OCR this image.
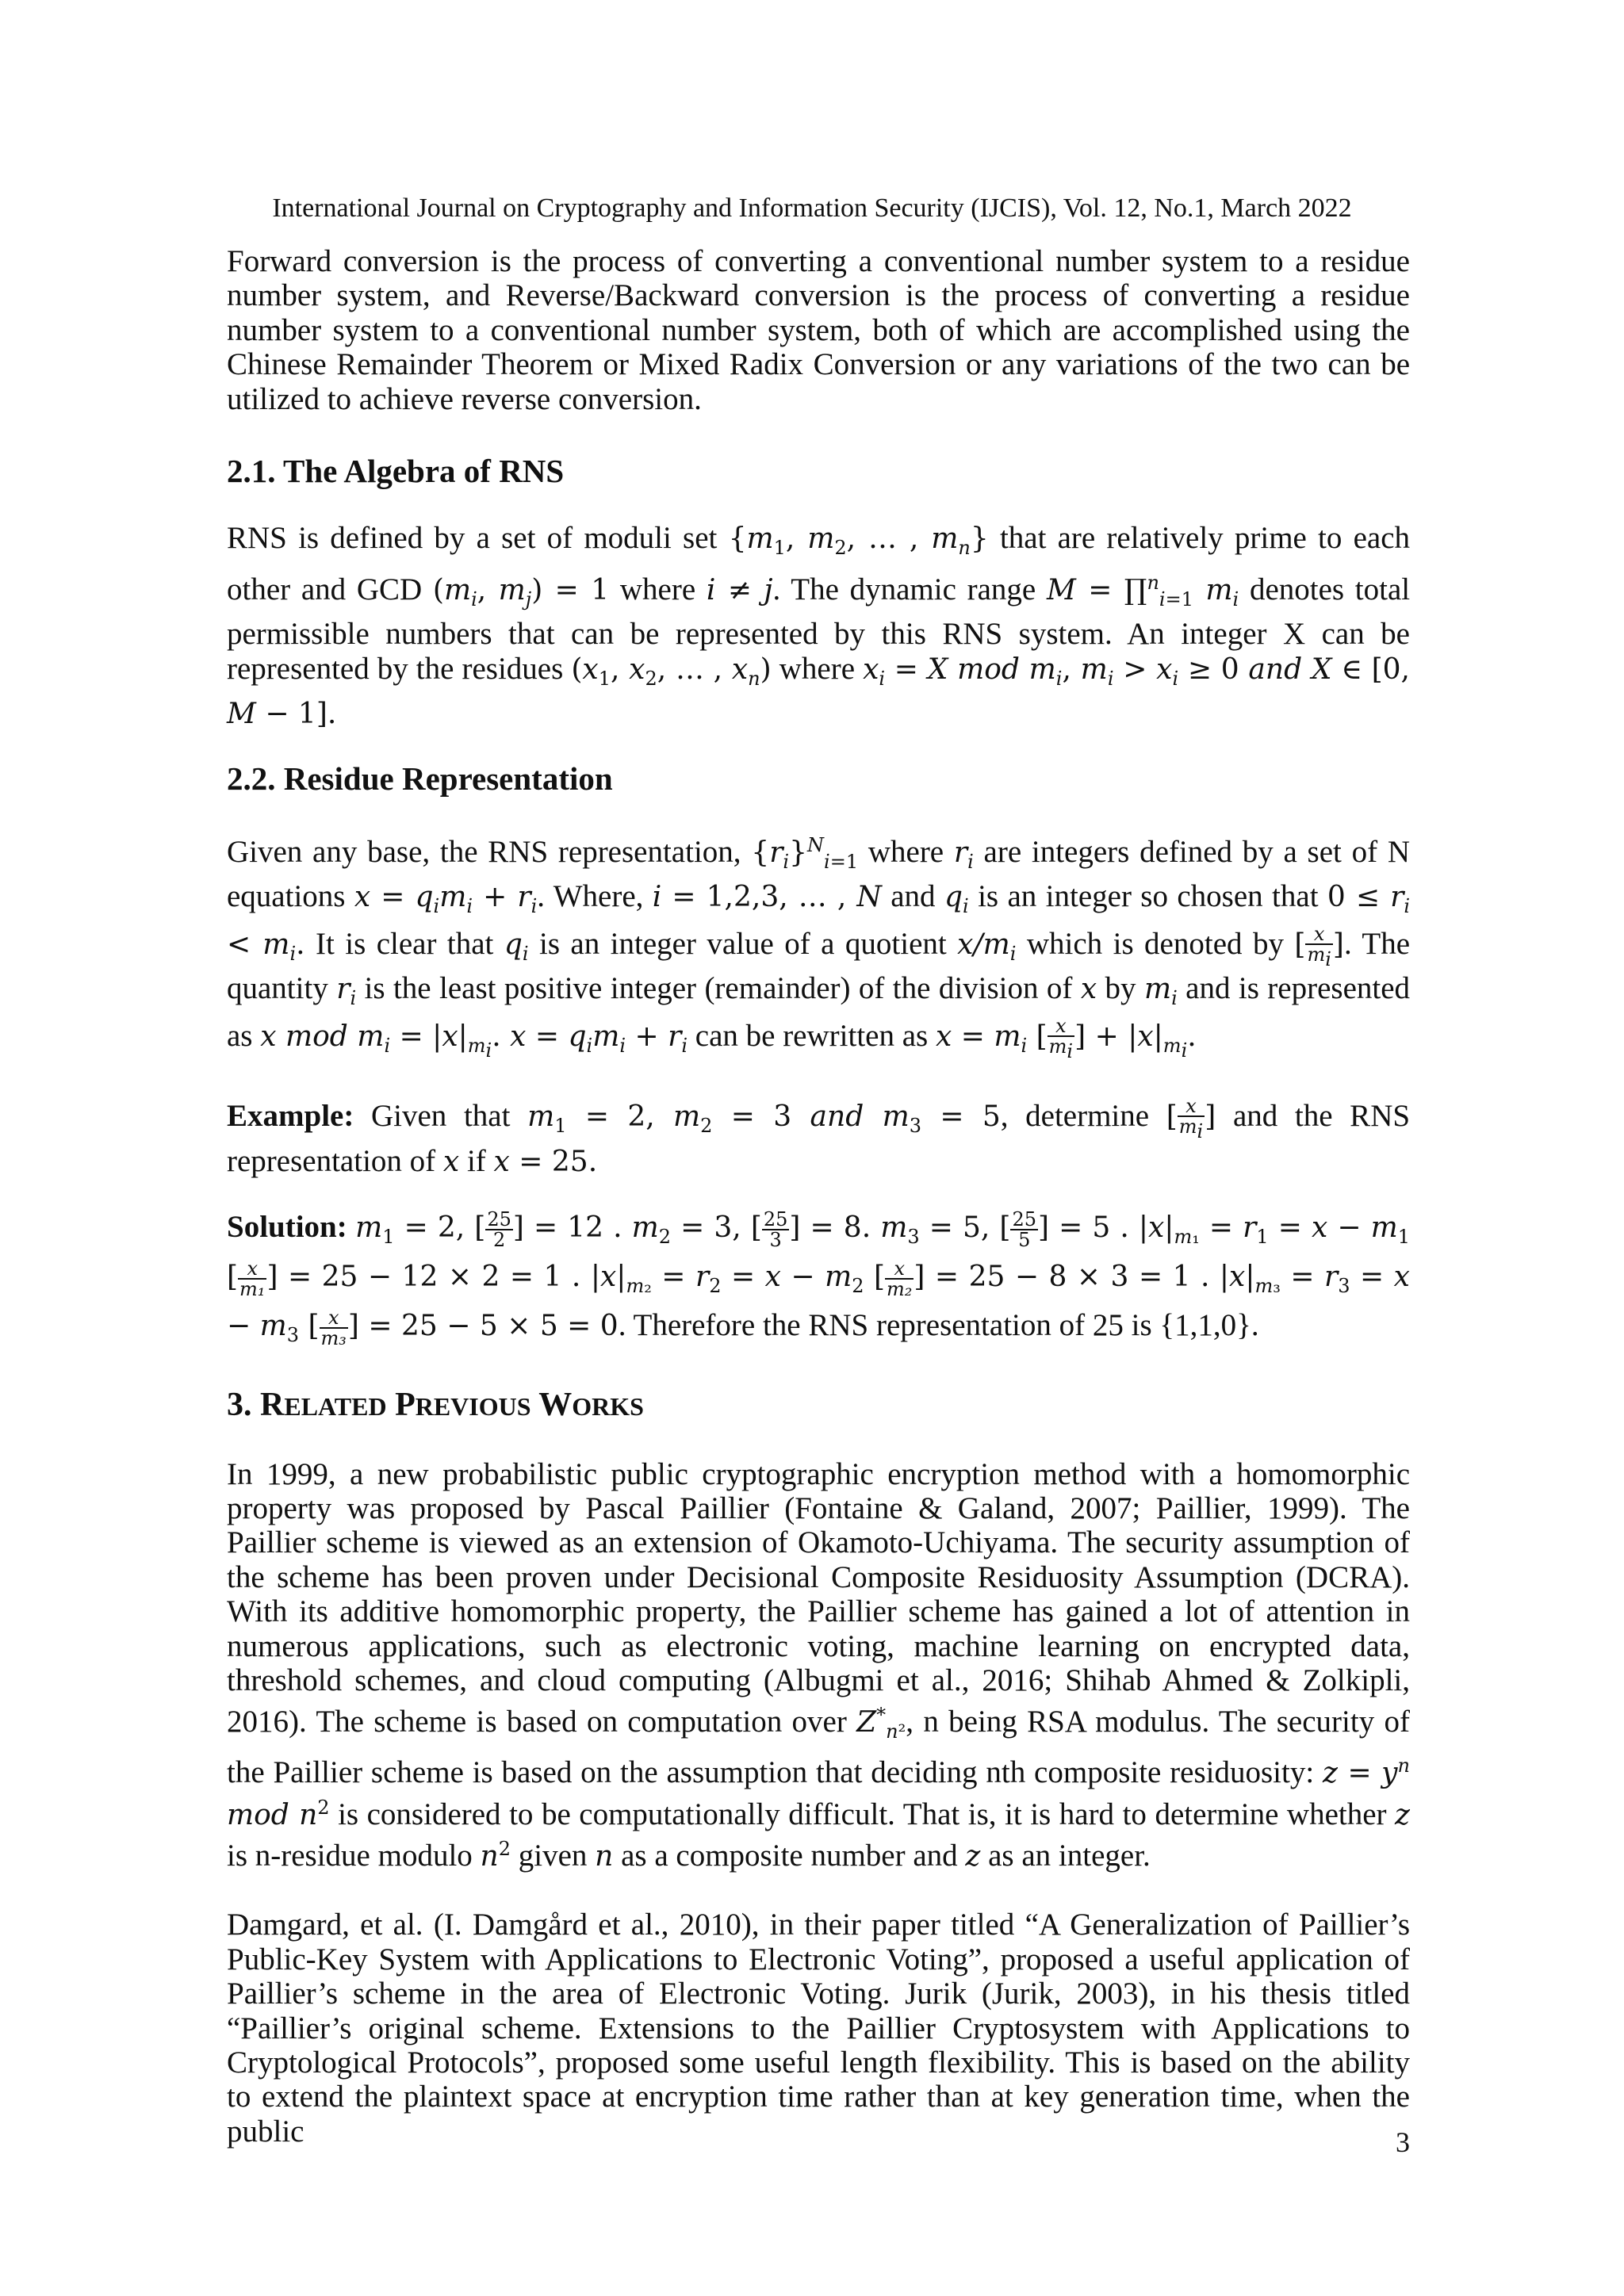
International Journal on Cryptography and Information Security (IJCIS), Vol. 12, No.1, March 2022

Forward conversion is the process of converting a conventional number system to a residue number system, and Reverse/Backward conversion is the process of converting a residue number system to a conventional number system, both of which are accomplished using the Chinese Remainder Theorem or Mixed Radix Conversion or any variations of the two can be utilized to achieve reverse conversion.

2.1. The Algebra of RNS

RNS is defined by a set of moduli set {$m_1$, $m_2$, … , $m_n$} that are relatively prime to each other and GCD ($m_i$, $m_j) = 1$ where i ≠ j. The dynamic range M = ∏$^n_{i=1}$ $m_i$ denotes total permissible numbers that can be represented by this RNS system. An integer X can be represented by the residues ($x_1$, $x_2$, … , $x_n$) where $x_i = X$ mod $m_i$, $m_i > x_i \ge 0$ and X ∈ [0, M − 1].

2.2. Residue Representation

Given any base, the RNS representation, $\{r_i\}^N_{i=1}$ where $r_i$ are integers defined by a set of N equations $x = q_im_i + r_i$. Where, i = 1,2,3, … , N and $q_i$ is an integer so chosen that $0 \le r_i < m_i$. It is clear that $q_i$ is an integer value of a quotient $x/m_i$ which is denoted by [ $\frac{x}{m_i}$ ]. The quantity $r_i$ is the least positive integer (remainder) of the division of x by $m_i$ and is represented as x mod $m_i = |x|_{m_i}$. $x = q_im_i + r_i$ can be rewritten as $x = m_i$ [ $\frac{x}{m_i}$ ] + $|x|_{m_i}$.

Example: Given that $m_1 = 2$, $m_2 = 3$ and $m_3 = 5$, determine [ $\frac{x}{m_i}$ ] and the RNS representation of x if x = 25.

Solution: $m_1 = 2$, [ $\frac{25}{2}$ ] = 12 . $m_2 = 3$, [ $\frac{25}{3}$ ] = 8. $m_3 = 5$, [ $\frac{25}{5}$ ] = 5 . $|x|_{m_1} = r_1 = x - m_1$ [ $\frac{x}{\text{m₁}}$ ] = 25 − 12 × 2 = 1 . $|x|_{m_2} = r_2 = x - m_2$ [ $\frac{x}{\text{m₂}}$ ] = 25 − 8 × 3 = 1 . $|x|_{m_3} = r_3 = x - m_3$ [ $\frac{x}{\text{m₃}}$ ] = 25 − 5 × 5 = 0. Therefore the RNS representation of 25 is {1,1,0}.

3. RELATED PREVIOUS WORKS

In 1999, a new probabilistic public cryptographic encryption method with a homomorphic property was proposed by Pascal Paillier (Fontaine & Galand, 2007; Paillier, 1999). The Paillier scheme is viewed as an extension of Okamoto-Uchiyama. The security assumption of the scheme has been proven under Decisional Composite Residuosity Assumption (DCRA). With its additive homomorphic property, the Paillier scheme has gained a lot of attention in numerous applications, such as electronic voting, machine learning on encrypted data, threshold schemes, and cloud computing (Albugmi et al., 2016; Shihab Ahmed & Zolkipli, 2016). The scheme is based on computation over $Z^*_{n^2}$, n being RSA modulus. The security of the Paillier scheme is based on the assumption that deciding nth composite residuosity: $z = y^n$ mod $n^2$ is considered to be computationally difficult. That is, it is hard to determine whether z is n-residue modulo $n^2$ given n as a composite number and z as an integer.

Damgard, et al. (I. Damgård et al., 2010), in their paper titled “A Generalization of Paillier’s Public-Key System with Applications to Electronic Voting”, proposed a useful application of Paillier’s scheme in the area of Electronic Voting. Jurik (Jurik, 2003), in his thesis titled “Paillier’s original scheme. Extensions to the Paillier Cryptosystem with Applications to Cryptological Protocols”, proposed some useful length flexibility. This is based on the ability to extend the plaintext space at encryption time rather than at key generation time, when the public	3
